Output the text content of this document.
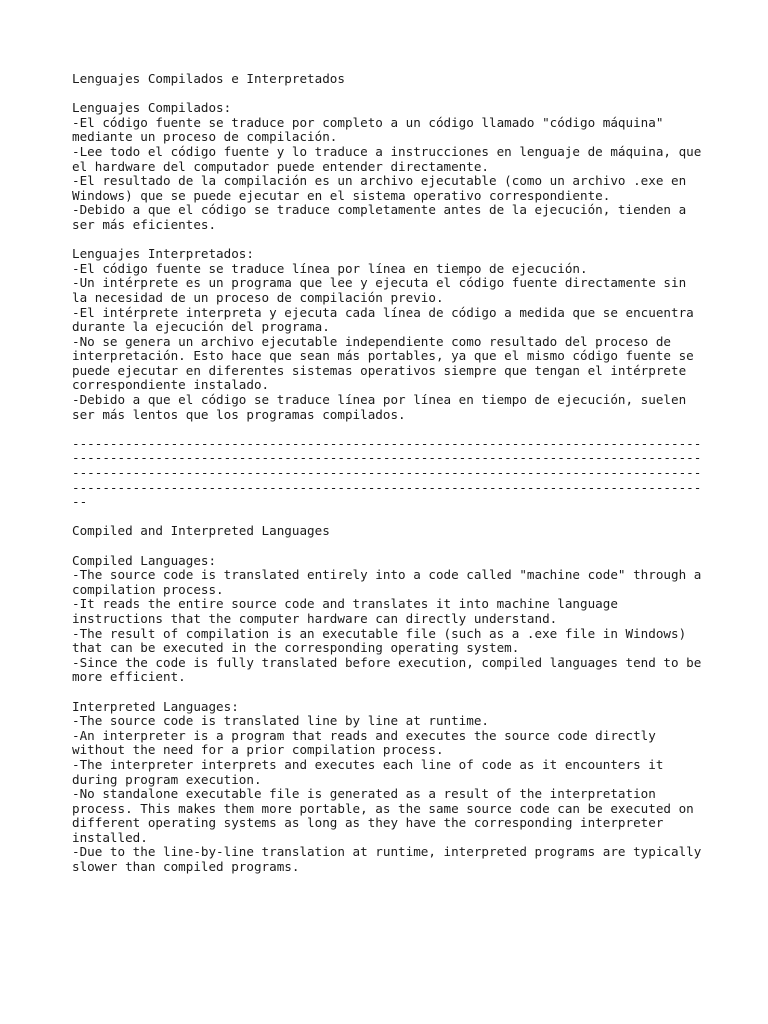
Lenguajes Compilados e Interpretados
Lenguajes Compilados:
-El código fuente se traduce por completo a un código llamado "código máquina"
mediante un proceso de compilación.
-Lee todo el código fuente y lo traduce a instrucciones en lenguaje de máquina, que
el hardware del computador puede entender directamente.
-El resultado de la compilación es un archivo ejecutable (como un archivo .exe en
Windows) que se puede ejecutar en el sistema operativo correspondiente.
-Debido a que el código se traduce completamente antes de la ejecución, tienden a
ser más eficientes.
Lenguajes Interpretados:
-El código fuente se traduce línea por línea en tiempo de ejecución.
-Un intérprete es un programa que lee y ejecuta el código fuente directamente sin
la necesidad de un proceso de compilación previo.
-El intérprete interpreta y ejecuta cada línea de código a medida que se encuentra
durante la ejecución del programa.
-No se genera un archivo ejecutable independiente como resultado del proceso de
interpretación. Esto hace que sean más portables, ya que el mismo código fuente se
puede ejecutar en diferentes sistemas operativos siempre que tengan el intérprete
correspondiente instalado.
-Debido a que el código se traduce línea por línea en tiempo de ejecución, suelen
ser más lentos que los programas compilados.
-----------------------------------------------------------------------------------
-----------------------------------------------------------------------------------
-----------------------------------------------------------------------------------
-----------------------------------------------------------------------------------
--
Compiled and Interpreted Languages
Compiled Languages:
-The source code is translated entirely into a code called "machine code" through a
compilation process.
-It reads the entire source code and translates it into machine language
instructions that the computer hardware can directly understand.
-The result of compilation is an executable file (such as a .exe file in Windows)
that can be executed in the corresponding operating system.
-Since the code is fully translated before execution, compiled languages tend to be
more efficient.
Interpreted Languages:
-The source code is translated line by line at runtime.
-An interpreter is a program that reads and executes the source code directly
without the need for a prior compilation process.
-The interpreter interprets and executes each line of code as it encounters it
during program execution.
-No standalone executable file is generated as a result of the interpretation
process. This makes them more portable, as the same source code can be executed on
different operating systems as long as they have the corresponding interpreter
installed.
-Due to the line-by-line translation at runtime, interpreted programs are typically
slower than compiled programs.
